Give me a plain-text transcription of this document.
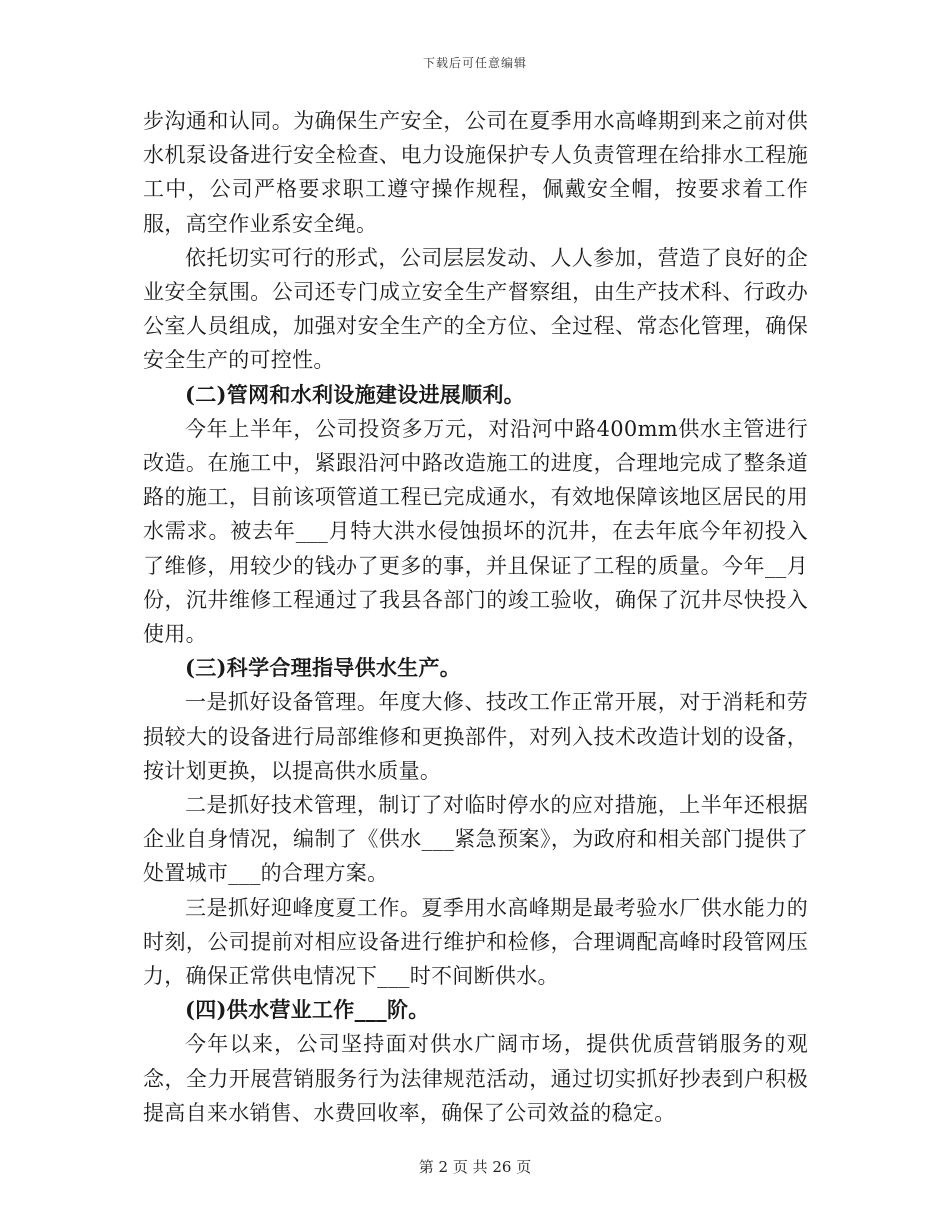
下载后可任意编辑

步沟通和认同。为确保生产安全，公司在夏季用水高峰期到来之前对供水机泵设备进行安全检查、电力设施保护专人负责管理在给排水工程施工中，公司严格要求职工遵守操作规程，佩戴安全帽，按要求着工作服，高空作业系安全绳。

依托切实可行的形式，公司层层发动、人人参加，营造了良好的企业安全氛围。公司还专门成立安全生产督察组，由生产技术科、行政办公室人员组成，加强对安全生产的全方位、全过程、常态化管理，确保安全生产的可控性。

(二)管网和水利设施建设进展顺利。

今年上半年，公司投资多万元，对沿河中路400mm供水主管进行改造。在施工中，紧跟沿河中路改造施工的进度，合理地完成了整条道路的施工，目前该项管道工程已完成通水，有效地保障该地区居民的用水需求。被去年___月特大洪水侵蚀损坏的沉井，在去年底今年初投入了维修，用较少的钱办了更多的事，并且保证了工程的质量。今年__月份，沉井维修工程通过了我县各部门的竣工验收，确保了沉井尽快投入使用。

(三)科学合理指导供水生产。

一是抓好设备管理。年度大修、技改工作正常开展，对于消耗和劳损较大的设备进行局部维修和更换部件，对列入技术改造计划的设备，按计划更换，以提高供水质量。

二是抓好技术管理，制订了对临时停水的应对措施，上半年还根据企业自身情况，编制了《供水___紧急预案》，为政府和相关部门提供了处置城市___的合理方案。

三是抓好迎峰度夏工作。夏季用水高峰期是最考验水厂供水能力的时刻，公司提前对相应设备进行维护和检修，合理调配高峰时段管网压力，确保正常供电情况下___时不间断供水。

(四)供水营业工作___阶。

今年以来，公司坚持面对供水广阔市场，提供优质营销服务的观念，全力开展营销服务行为法律规范活动，通过切实抓好抄表到户积极提高自来水销售、水费回收率，确保了公司效益的稳定。

第 2 页 共 26 页
